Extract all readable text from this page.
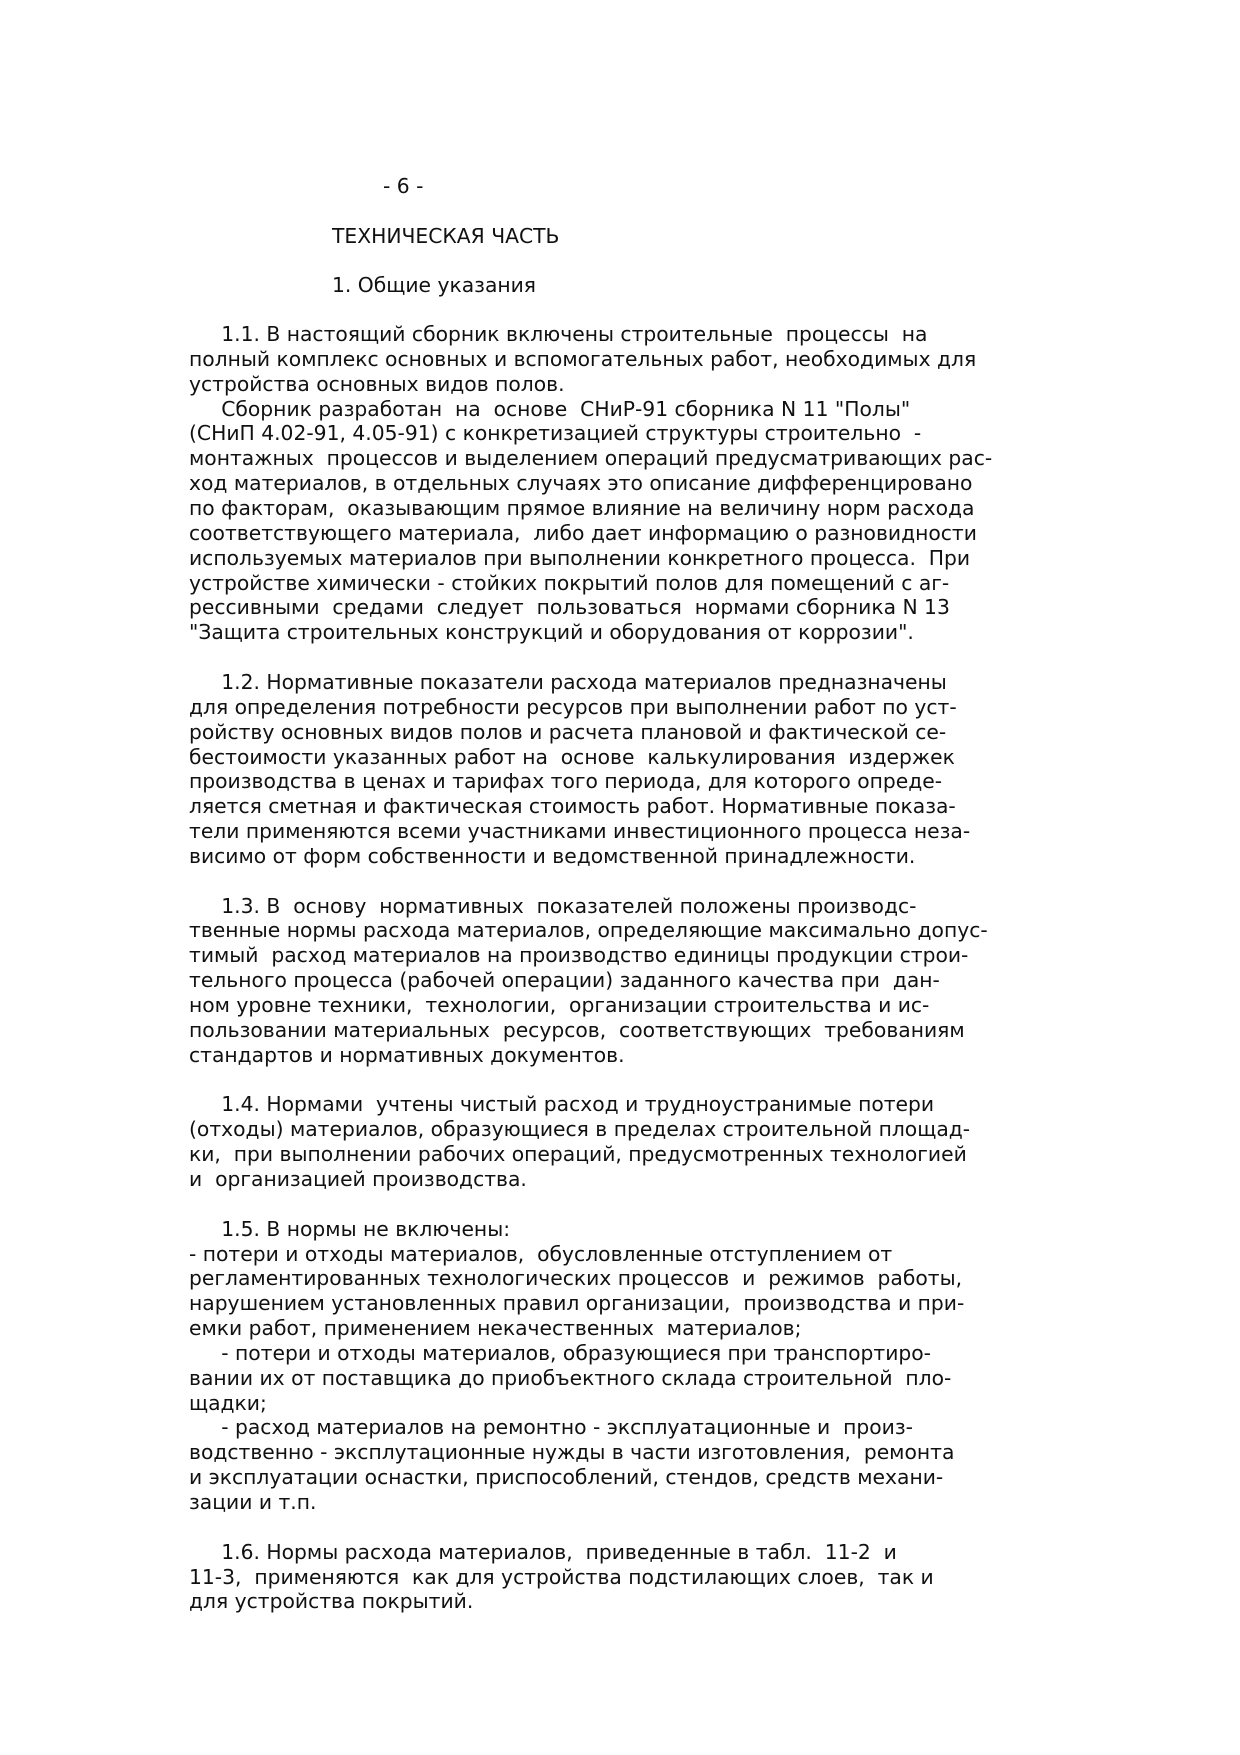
- 6 -
ТЕХНИЧЕСКАЯ ЧАСТЬ
1. Общие указания
1.1. В настоящий сборник включены строительные  процессы  на
полный комплекс основных и вспомогательных работ, необходимых для
устройства основных видов полов.
Сборник разработан  на  основе  СНиР-91 сборника N 11 "Полы"
(СНиП 4.02-91, 4.05-91) с конкретизацией структуры строительно  -
монтажных  процессов и выделением операций предусматривающих рас-
ход материалов, в отдельных случаях это описание дифференцировано
по факторам,  оказывающим прямое влияние на величину норм расхода
соответствующего материала,  либо дает информацию о разновидности
используемых материалов при выполнении конкретного процесса.  При
устройстве химически - стойких покрытий полов для помещений с аг-
рессивными  средами  следует  пользоваться  нормами сборника N 13
"Защита строительных конструкций и оборудования от коррозии".
1.2. Нормативные показатели расхода материалов предназначены
для определения потребности ресурсов при выполнении работ по уст-
ройству основных видов полов и расчета плановой и фактической се-
бестоимости указанных работ на  основе  калькулирования  издержек
производства в ценах и тарифах того периода, для которого опреде-
ляется сметная и фактическая стоимость работ. Нормативные показа-
тели применяются всеми участниками инвестиционного процесса неза-
висимо от форм собственности и ведомственной принадлежности.
1.3. В  основу  нормативных  показателей положены производс-
твенные нормы расхода материалов, определяющие максимально допус-
тимый  расход материалов на производство единицы продукции строи-
тельного процесса (рабочей операции) заданного качества при  дан-
ном уровне техники,  технологии,  организации строительства и ис-
пользовании материальных  ресурсов,  соответствующих  требованиям
стандартов и нормативных документов.
1.4. Нормами  учтены чистый расход и трудноустранимые потери
(отходы) материалов, образующиеся в пределах строительной площад-
ки,  при выполнении рабочих операций, предусмотренных технологией
и  организацией производства.
1.5. В нормы не включены:
- потери и отходы материалов,  обусловленные отступлением от
регламентированных технологических процессов  и  режимов  работы,
нарушением установленных правил организации,  производства и при-
емки работ, применением некачественных  материалов;
- потери и отходы материалов, образующиеся при транспортиро-
вании их от поставщика до приобъектного склада строительной  пло-
щадки;
- расход материалов на ремонтно - эксплуатационные и  произ-
водственно - эксплутационные нужды в части изготовления,  ремонта
и эксплуатации оснастки, приспособлений, стендов, средств механи-
зации и т.п.
1.6. Нормы расхода материалов,  приведенные в табл.  11-2  и
11-3,  применяются  как для устройства подстилающих слоев,  так и
для устройства покрытий.
